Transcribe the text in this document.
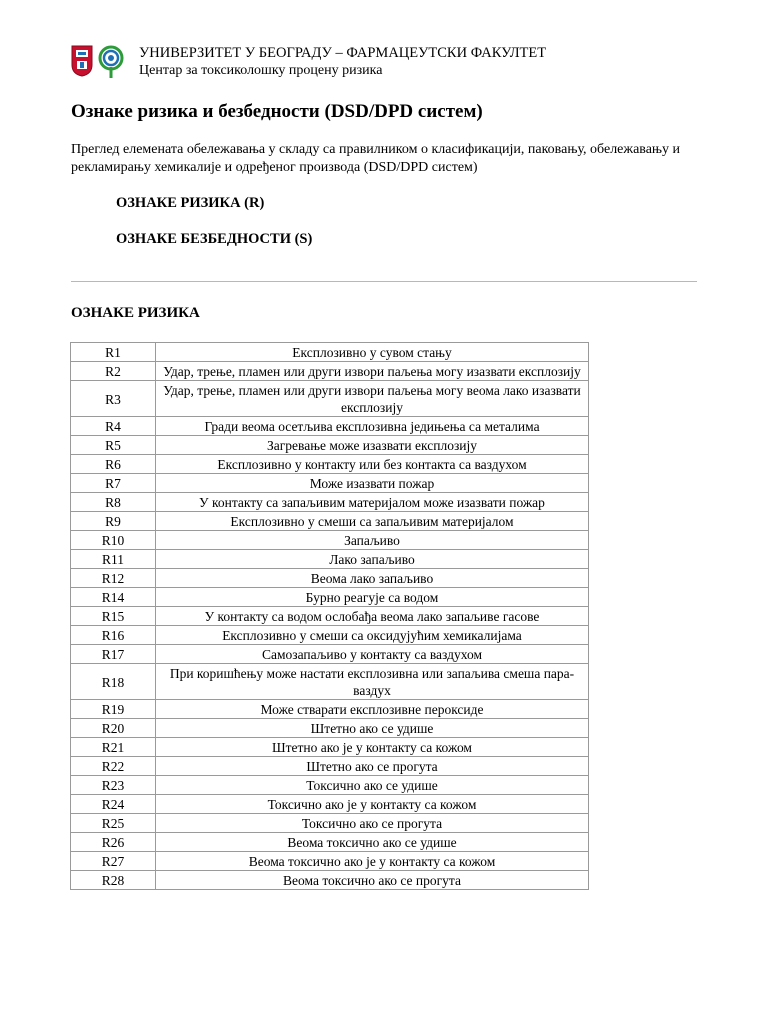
УНИВЕРЗИТЕТ У БЕОГРАДУ – ФАРМАЦЕУТСКИ ФАКУЛТЕТ
Центар за токсиколошку процену ризика
Ознаке ризика и безбедности (DSD/DPD систем)
Преглед елемената обележавања у складу са правилником о класификацији, паковању, обележавању и рекламирању хемикалије и одређеног производа (DSD/DPD систем)
ОЗНАКЕ РИЗИКА (R)
ОЗНАКЕ БЕЗБЕДНОСТИ (S)
ОЗНАКЕ РИЗИКА
R1	Експлозивно у сувом стању
R2	Удар, трење, пламен или други извори паљења могу изазвати експлозију
R3	Удар, трење, пламен или други извори паљења могу веома лако изазвати експлозију
R4	Гради веома осетљива експлозивна једињења са металима
R5	Загревање може изазвати експлозију
R6	Експлозивно у контакту или без контакта са ваздухом
R7	Може изазвати пожар
R8	У контакту са запаљивим материјалом може изазвати пожар
R9	Експлозивно у смеши са запаљивим материјалом
R10	Запаљиво
R11	Лако запаљиво
R12	Веома лако запаљиво
R14	Бурно реагује са водом
R15	У контакту са водом ослобађа веома лако запаљиве гасове
R16	Експлозивно у смеши са оксидујућим хемикалијама
R17	Самозапаљиво у контакту са ваздухом
R18	При коришћењу може настати експлозивна или запаљива смеша пара-ваздух
R19	Може стварати експлозивне пероксиде
R20	Штетно ако се удише
R21	Штетно ако је у контакту са кожом
R22	Штетно ако се прогута
R23	Токсично ако се удише
R24	Токсично ако је у контакту са кожом
R25	Токсично ако се прогута
R26	Веома токсично ако се удише
R27	Веома токсично ако је у контакту са кожом
R28	Веома токсично ако се прогута
